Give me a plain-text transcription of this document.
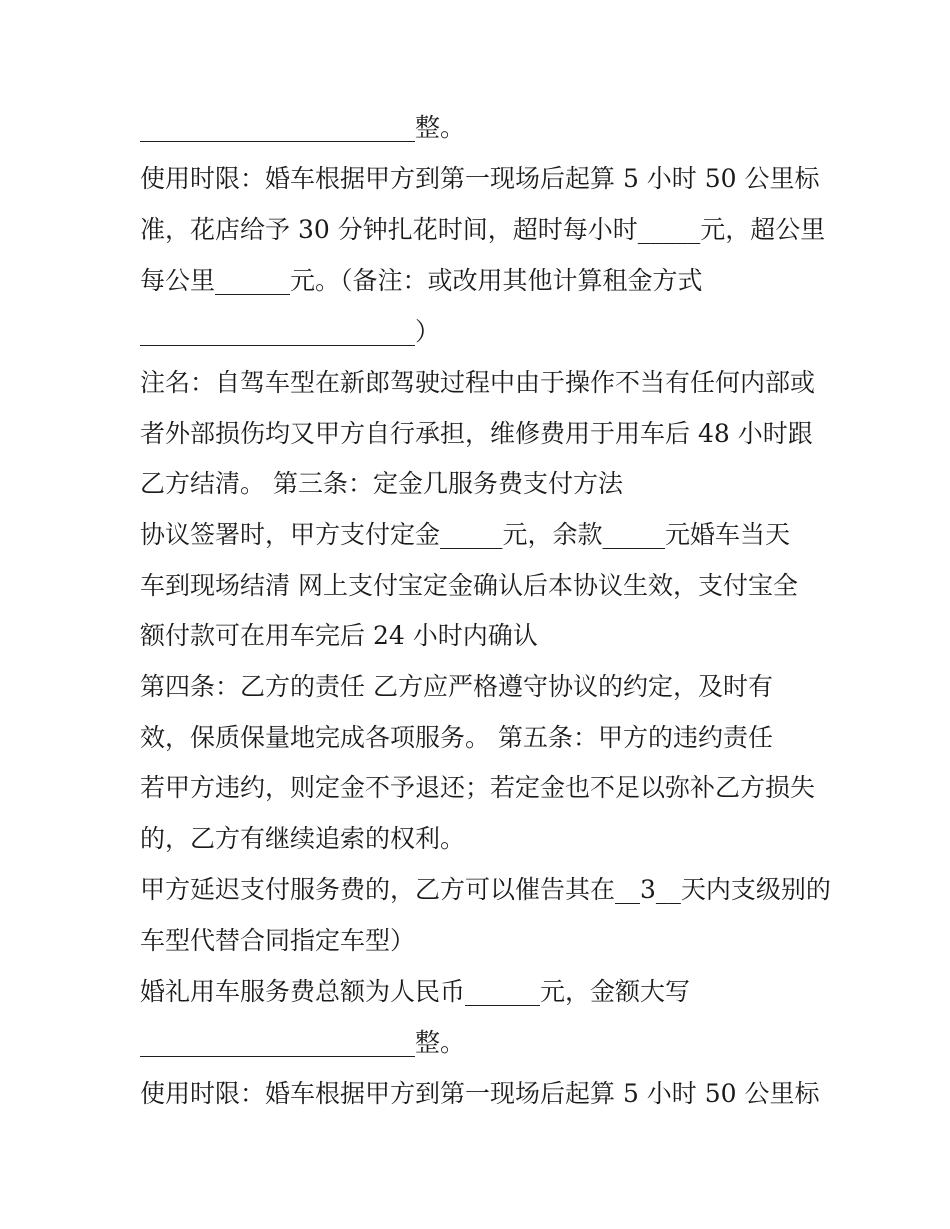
______________________整。
使用时限：婚车根据甲方到第一现场后起算 5 小时 50 公里标
准，花店给予 30 分钟扎花时间，超时每小时_____元，超公里
每公里______元。（备注：或改用其他计算租金方式
______________________）
注名：自驾车型在新郎驾驶过程中由于操作不当有任何内部或
者外部损伤均又甲方自行承担，维修费用于用车后 48 小时跟
乙方结清。 第三条：定金几服务费支付方法
协议签署时，甲方支付定金_____元，余款_____元婚车当天
车到现场结清 网上支付宝定金确认后本协议生效，支付宝全
额付款可在用车完后 24 小时内确认
第四条：乙方的责任 乙方应严格遵守协议的约定，及时有
效，保质保量地完成各项服务。 第五条：甲方的违约责任
若甲方违约，则定金不予退还；若定金也不足以弥补乙方损失
的，乙方有继续追索的权利。
甲方延迟支付服务费的，乙方可以催告其在__3__天内支级别的
车型代替合同指定车型）
婚礼用车服务费总额为人民币______元，金额大写
______________________整。
使用时限：婚车根据甲方到第一现场后起算 5 小时 50 公里标
